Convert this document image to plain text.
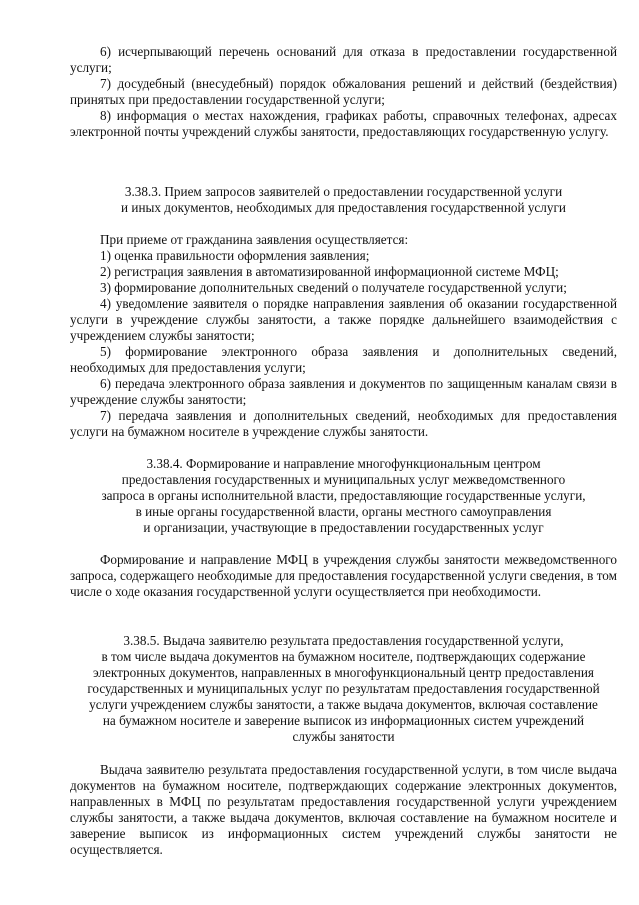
6) исчерпывающий перечень оснований для отказа в предоставлении государственной услуги;

7) досудебный (внесудебный) порядок обжалования решений и действий (бездействия) принятых при предоставлении государственной услуги;

8) информация о местах нахождения, графиках работы, справочных телефонах, адресах электронной почты учреждений службы занятости, предоставляющих государственную услугу.

3.38.3. Прием запросов заявителей о предоставлении государственной услуги

и иных документов, необходимых для предоставления государственной услуги

При приеме от гражданина заявления осуществляется:

1) оценка правильности оформления заявления;

2) регистрация заявления в автоматизированной информационной системе МФЦ;

3) формирование дополнительных сведений о получателе государственной услуги;

4) уведомление заявителя о порядке направления заявления об оказании государственной услуги в учреждение службы занятости, а также порядке дальнейшего взаимодействия с учреждением службы занятости;

5) формирование электронного образа заявления и дополнительных сведений, необходимых для предоставления услуги;

6) передача электронного образа заявления и документов по защищенным каналам связи в учреждение службы занятости;

7) передача заявления и дополнительных сведений, необходимых для предоставления услуги на бумажном носителе в учреждение службы занятости.

3.38.4. Формирование и направление многофункциональным центром

предоставления государственных и муниципальных услуг межведомственного

запроса в органы исполнительной власти, предоставляющие государственные услуги,

в иные органы государственной власти, органы местного самоуправления

и организации, участвующие в предоставлении государственных услуг

Формирование и направление МФЦ в учреждения службы занятости межведомственного запроса, содержащего необходимые для предоставления государственной услуги сведения, в том числе о ходе оказания государственной услуги осуществляется при необходимости.

3.38.5. Выдача заявителю результата предоставления государственной услуги,

в том числе выдача документов на бумажном носителе, подтверждающих содержание

электронных документов, направленных в многофункциональный центр предоставления

государственных и муниципальных услуг по результатам предоставления государственной

услуги учреждением службы занятости, а также выдача документов, включая составление

на бумажном носителе и заверение выписок из информационных систем учреждений

службы занятости

Выдача заявителю результата предоставления государственной услуги, в том числе выдача документов на бумажном носителе, подтверждающих содержание электронных документов, направленных в МФЦ по результатам предоставления государственной услуги учреждением службы занятости, а также выдача документов, включая составление на бумажном носителе и заверение выписок из информационных систем учреждений службы занятости не осуществляется.
